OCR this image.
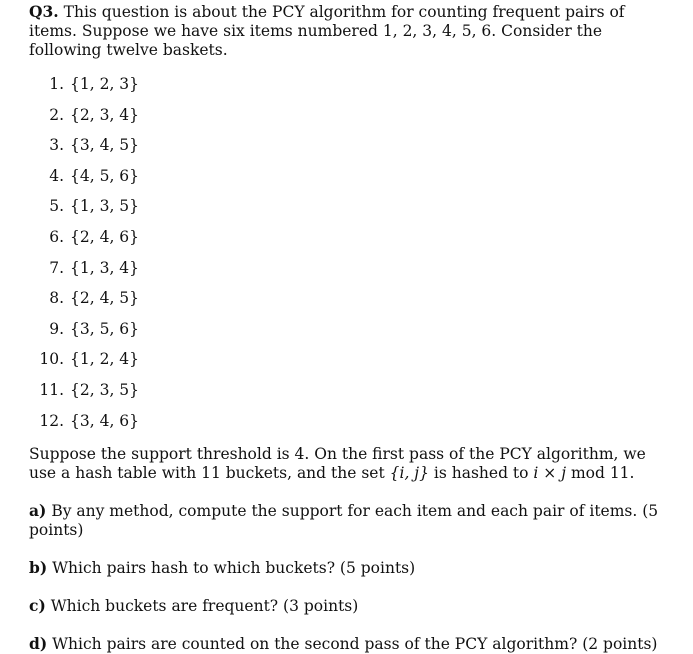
Q3. This question is about the PCY algorithm for counting frequent pairs of items. Suppose we have six items numbered 1, 2, 3, 4, 5, 6. Consider the following twelve baskets.

1. {1, 2, 3}
2. {2, 3, 4}
3. {3, 4, 5}
4. {4, 5, 6}
5. {1, 3, 5}
6. {2, 4, 6}
7. {1, 3, 4}
8. {2, 4, 5}
9. {3, 5, 6}
10. {1, 2, 4}
11. {2, 3, 5}
12. {3, 4, 6}

Suppose the support threshold is 4. On the first pass of the PCY algorithm, we use a hash table with 11 buckets, and the set {i, j} is hashed to i × j mod 11.

a) By any method, compute the support for each item and each pair of items. (5 points)

b) Which pairs hash to which buckets? (5 points)

c) Which buckets are frequent? (3 points)

d) Which pairs are counted on the second pass of the PCY algorithm? (2 points)
